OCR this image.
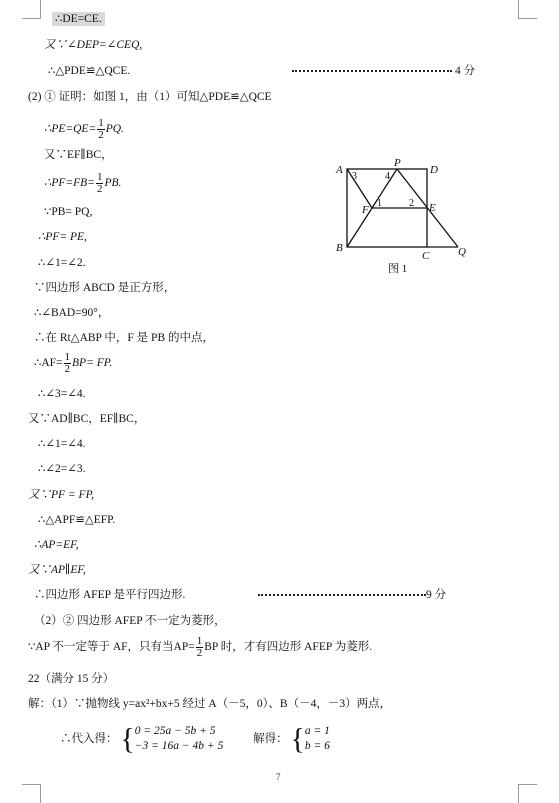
∴DE=CE.
又∵∠DEP=∠CEQ,
∴△PDE≌△QCE.	4 分
(2) ① 证明：如图 1，由（1）可知△PDE≌△QCE
∴PE=QE= $\frac{1}{2}$ PQ.
又∵EF∥BC，
∴PF=FB= $\frac{1}{2}$ PB.
∵PB= PQ,
∴PF= PE,
∴∠1=∠2.
∵四边形 ABCD 是正方形，
∴∠BAD=90°，
∴在 Rt△ABP 中，F 是 PB 的中点，
∴AF= $\frac{1}{2} BP=$ FP.
∴∠3=∠4.
又∵AD∥BC，EF∥BC，
∴∠1=∠4.
∴∠2=∠3.
又∵PF = FP,
∴△APF≌△EFP.
∴AP=EF,
又∵AP∥EF,
∴四边形 AFEP 是平行四边形.	9 分
（2）② 四边形 AFEP 不一定为菱形，
∵AP 不一定等于 AF，只有当$AP= \frac{1}{2}$ BP 时，才有四边形 AFEP 为菱形.
22（满分 15 分）
解：（1）∵抛物线 y=ax²+bx+5 经过 A（－5，0）、B（－4，－3）两点，
∴代入得： {0 = 25a − 5b + 5
−3 = 16a − 4b + 5  解得： {a = 1
b = 6
A
P
D
F	E
B
C	Q
1	2
3	4
图 1
7
